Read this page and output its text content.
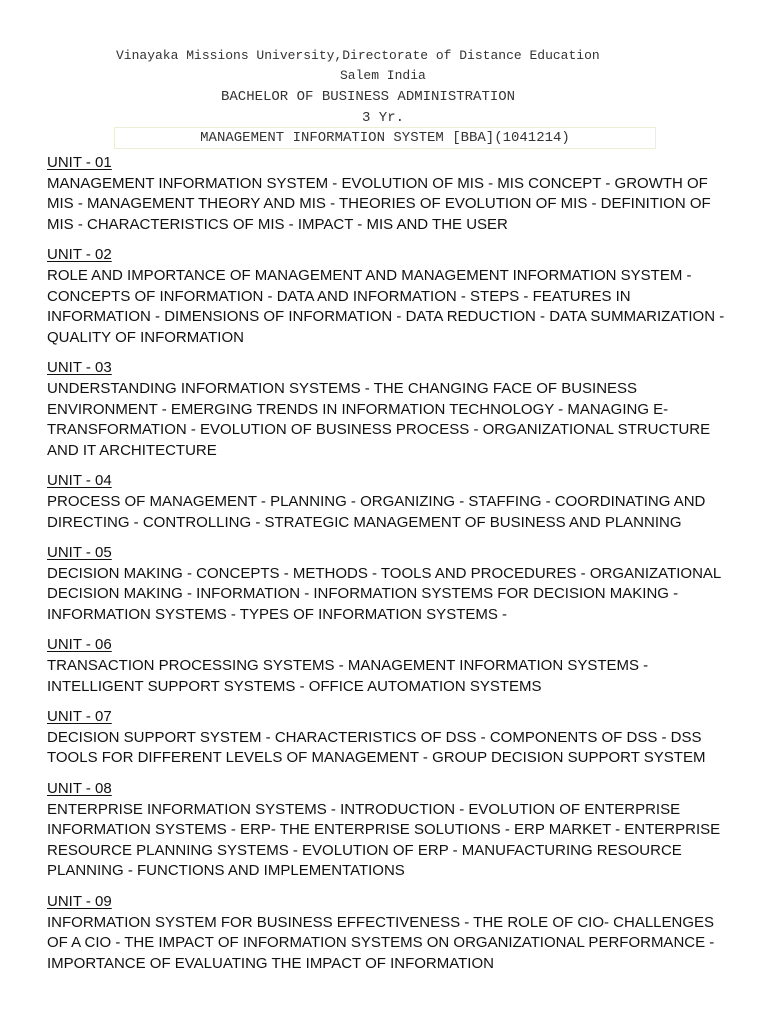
Vinayaka Missions University,Directorate of Distance Education
Salem India
BACHELOR OF BUSINESS ADMINISTRATION
3 Yr.
MANAGEMENT INFORMATION SYSTEM [BBA](1041214)
UNIT - 01
MANAGEMENT INFORMATION SYSTEM - EVOLUTION OF MIS - MIS CONCEPT - GROWTH OF MIS - MANAGEMENT THEORY AND MIS - THEORIES OF EVOLUTION OF MIS - DEFINITION OF MIS - CHARACTERISTICS OF MIS - IMPACT - MIS AND THE USER
UNIT - 02
ROLE AND IMPORTANCE OF MANAGEMENT AND MANAGEMENT INFORMATION SYSTEM - CONCEPTS OF INFORMATION - DATA AND INFORMATION - STEPS - FEATURES IN INFORMATION - DIMENSIONS OF INFORMATION - DATA REDUCTION - DATA SUMMARIZATION - QUALITY OF INFORMATION
UNIT - 03
UNDERSTANDING INFORMATION SYSTEMS - THE CHANGING FACE OF BUSINESS ENVIRONMENT - EMERGING TRENDS IN INFORMATION TECHNOLOGY - MANAGING E-TRANSFORMATION - EVOLUTION OF BUSINESS PROCESS - ORGANIZATIONAL STRUCTURE AND IT ARCHITECTURE
UNIT - 04
PROCESS OF MANAGEMENT - PLANNING - ORGANIZING - STAFFING - COORDINATING AND DIRECTING - CONTROLLING - STRATEGIC MANAGEMENT OF BUSINESS AND PLANNING
UNIT - 05
DECISION MAKING - CONCEPTS - METHODS - TOOLS AND PROCEDURES - ORGANIZATIONAL DECISION MAKING - INFORMATION - INFORMATION SYSTEMS FOR DECISION MAKING - INFORMATION SYSTEMS - TYPES OF INFORMATION SYSTEMS -
UNIT - 06
TRANSACTION PROCESSING SYSTEMS - MANAGEMENT INFORMATION SYSTEMS - INTELLIGENT SUPPORT SYSTEMS - OFFICE AUTOMATION SYSTEMS
UNIT - 07
DECISION SUPPORT SYSTEM - CHARACTERISTICS OF DSS - COMPONENTS OF DSS - DSS TOOLS FOR DIFFERENT LEVELS OF MANAGEMENT - GROUP DECISION SUPPORT SYSTEM
UNIT - 08
ENTERPRISE INFORMATION SYSTEMS - INTRODUCTION - EVOLUTION OF ENTERPRISE INFORMATION SYSTEMS - ERP- THE ENTERPRISE SOLUTIONS - ERP MARKET - ENTERPRISE RESOURCE PLANNING SYSTEMS - EVOLUTION OF ERP - MANUFACTURING RESOURCE PLANNING - FUNCTIONS AND IMPLEMENTATIONS
UNIT - 09
INFORMATION SYSTEM FOR BUSINESS EFFECTIVENESS - THE ROLE OF CIO- CHALLENGES OF A CIO - THE IMPACT OF INFORMATION SYSTEMS ON ORGANIZATIONAL PERFORMANCE - IMPORTANCE OF EVALUATING THE IMPACT OF INFORMATION
